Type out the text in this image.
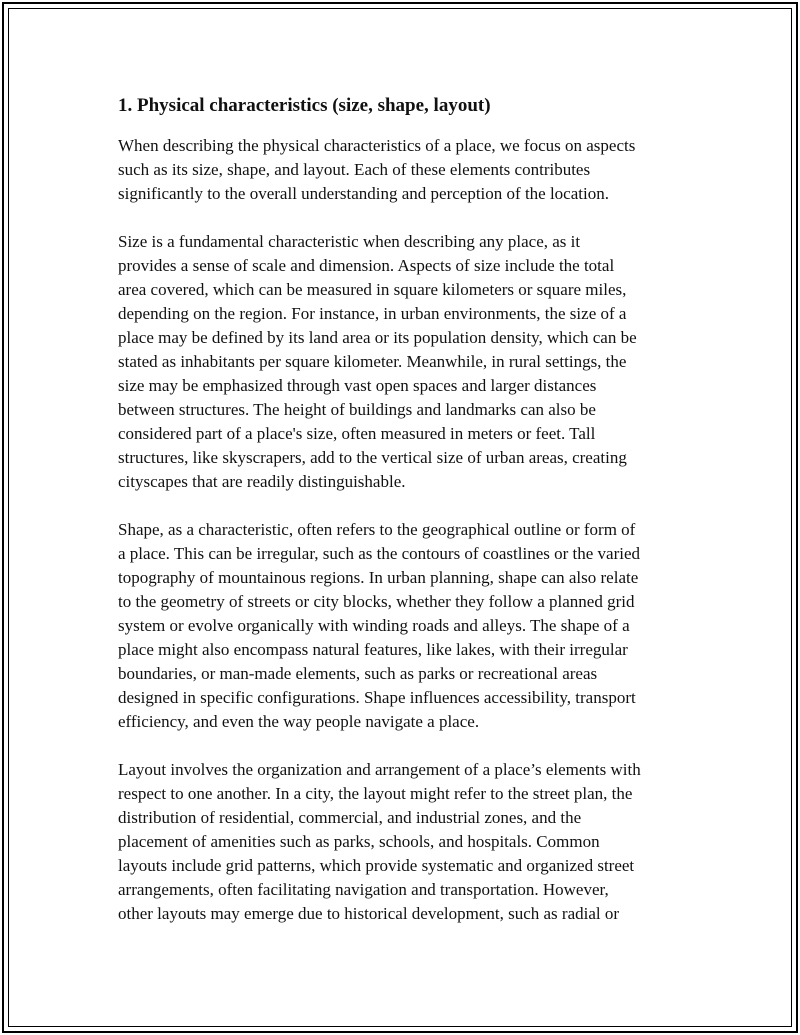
1. Physical characteristics (size, shape, layout)
When describing the physical characteristics of a place, we focus on aspects
such as its size, shape, and layout. Each of these elements contributes
significantly to the overall understanding and perception of the location.
Size is a fundamental characteristic when describing any place, as it
provides a sense of scale and dimension. Aspects of size include the total
area covered, which can be measured in square kilometers or square miles,
depending on the region. For instance, in urban environments, the size of a
place may be defined by its land area or its population density, which can be
stated as inhabitants per square kilometer. Meanwhile, in rural settings, the
size may be emphasized through vast open spaces and larger distances
between structures. The height of buildings and landmarks can also be
considered part of a place's size, often measured in meters or feet. Tall
structures, like skyscrapers, add to the vertical size of urban areas, creating
cityscapes that are readily distinguishable.
Shape, as a characteristic, often refers to the geographical outline or form of
a place. This can be irregular, such as the contours of coastlines or the varied
topography of mountainous regions. In urban planning, shape can also relate
to the geometry of streets or city blocks, whether they follow a planned grid
system or evolve organically with winding roads and alleys. The shape of a
place might also encompass natural features, like lakes, with their irregular
boundaries, or man-made elements, such as parks or recreational areas
designed in specific configurations. Shape influences accessibility, transport
efficiency, and even the way people navigate a place.
Layout involves the organization and arrangement of a place’s elements with
respect to one another. In a city, the layout might refer to the street plan, the
distribution of residential, commercial, and industrial zones, and the
placement of amenities such as parks, schools, and hospitals. Common
layouts include grid patterns, which provide systematic and organized street
arrangements, often facilitating navigation and transportation. However,
other layouts may emerge due to historical development, such as radial or
